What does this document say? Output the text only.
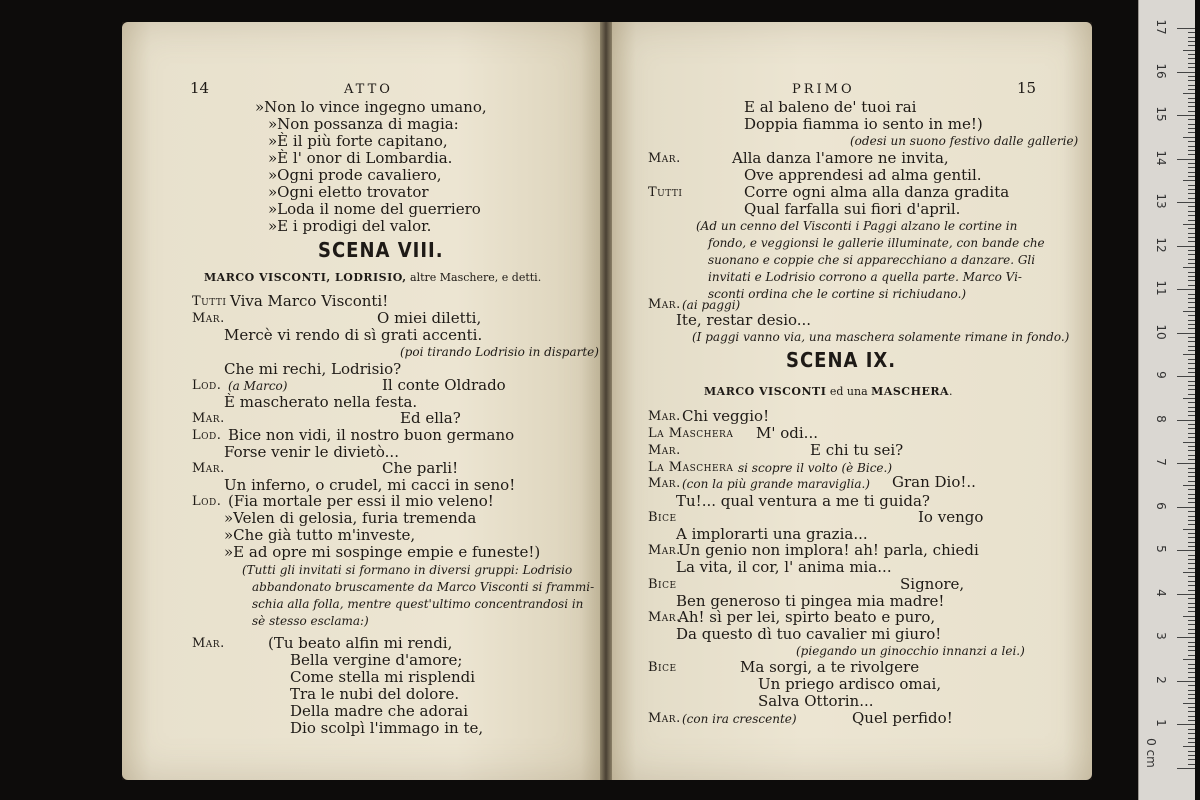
14	ATTO
»Non lo vince ingegno umano,
»Non possanza di magia:
»È il più forte capitano,
»È l' onor di Lombardia.
»Ogni prode cavaliero,
»Ogni eletto trovator
»Loda il nome del guerriero
»E i prodigi del valor.
SCENA VIII.
MARCO VISCONTI, LODRISIO, altre Maschere, e detti.
Tutti Viva Marco Visconti!
Mar.	O miei diletti,
Mercè vi rendo di sì grati accenti.
(poi tirando Lodrisio in disparte)
Che mi rechi, Lodrisio?
Lod. (a Marco)	Il conte Oldrado
È mascherato nella festa.
Mar.	Ed ella?
Lod. Bice non vidi, il nostro buon germano
Forse venir le divietò...
Mar.	Che parli!
Un inferno, o crudel, mi cacci in seno!
Lod. (Fia mortale per essi il mio veleno!
»Velen di gelosia, furia tremenda
»Che già tutto m'investe,
»E ad opre mi sospinge empie e funeste!)
(Tutti gli invitati si formano in diversi gruppi: Lodrisio
abbandonato bruscamente da Marco Visconti si frammi-
schia alla folla, mentre quest'ultimo concentrandosi in
sè stesso esclama:)
Mar.	(Tu beato alfin mi rendi,
Bella vergine d'amore;
Come stella mi risplendi
Tra le nubi del dolore.
Della madre che adorai
Dio scolpì l'immago in te,
PRIMO	15
E al baleno de' tuoi rai
Doppia fiamma io sento in me!)
(odesi un suono festivo dalle gallerie)
Mar.	Alla danza l'amore ne invita,
Ove apprendesi ad alma gentil.
Tutti	Corre ogni alma alla danza gradita
Qual farfalla sui fiori d'april.
(Ad un cenno del Visconti i Paggi alzano le cortine in
fondo, e veggionsi le gallerie illuminate, con bande che
suonano e coppie che si apparecchiano a danzare. Gli
invitati e Lodrisio corrono a quella parte. Marco Vi-
sconti ordina che le cortine si richiudano.)
Mar. (ai paggi)
Ite, restar desio...
(I paggi vanno via, una maschera solamente rimane in fondo.)
SCENA IX.
MARCO VISCONTI ed una MASCHERA.
Mar. Chi veggio!
La Maschera M' odi...
Mar.	E chi tu sei?
La Maschera si scopre il volto (è Bice.)
Mar. (con la più grande maraviglia.) Gran Dio!..
Tu!... qual ventura a me ti guida?
Bice	Io vengo
A implorarti una grazia...
Mar.
Un genio non implora! ah! parla, chiedi
La vita, il cor, l' anima mia...
Bice	Signore,
Ben generoso ti pingea mia madre!
Mar.
Ah! sì per lei, spirto beato e puro,
Da questo dì tuo cavalier mi giuro!
(piegando un ginocchio innanzi a lei.)
Bice	Ma sorgi, a te rivolgere
Un priego ardisco omai,
Salva Ottorin...
Mar. (con ira crescente)	Quel perfido!
0 cm
1
2
3
4
5
6
7
8
9
10
11
12
13
14
15
16
17
